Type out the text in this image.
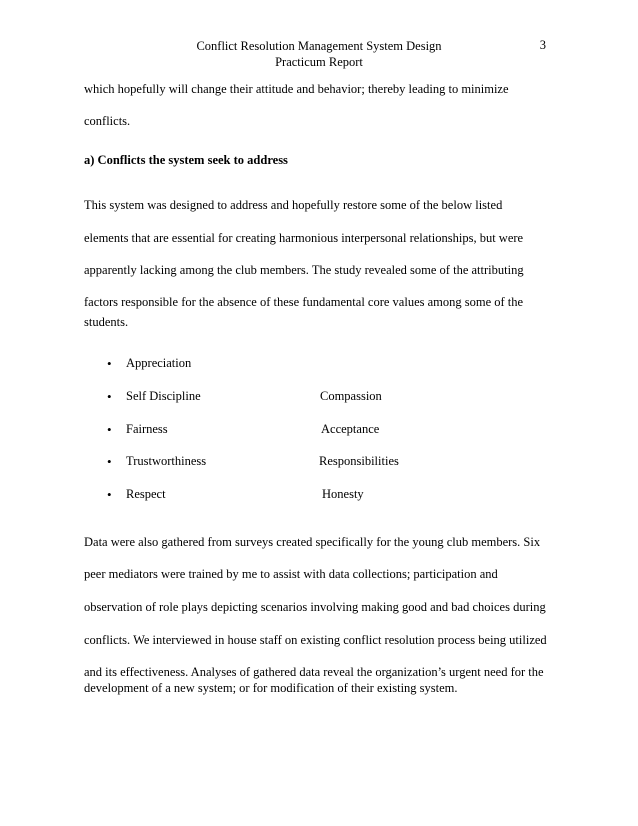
Conflict Resolution Management System Design
Practicum Report
3
which hopefully will change their attitude and behavior; thereby leading to minimize
conflicts.
a) Conflicts the system seek to address
This system was designed to address and hopefully restore some of the below listed
elements that are essential for creating harmonious interpersonal relationships, but were
apparently lacking among the club members. The study revealed some of the attributing
factors responsible for the absence of these fundamental core values among some of the
students.
• Appreciation
• Self Discipline	Compassion
• Fairness	Acceptance
• Trustworthiness	Responsibilities
• Respect	Honesty
Data were also gathered from surveys created specifically for the young club members. Six
peer mediators were trained by me to assist with data collections; participation and
observation of role plays depicting scenarios involving making good and bad choices during
conflicts. We interviewed in house staff on existing conflict resolution process being utilized
and its effectiveness. Analyses of gathered data reveal the organization’s urgent need for the
development of a new system; or for modification of their existing system.
